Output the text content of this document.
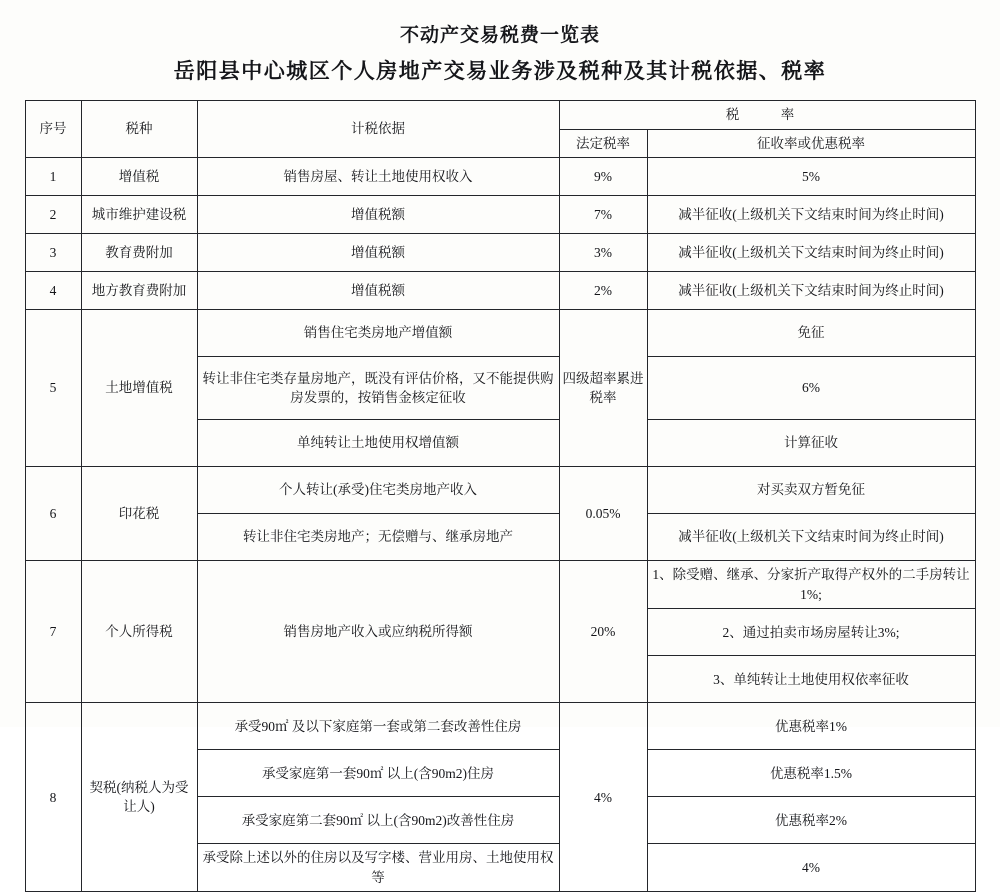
不动产交易税费一览表
岳阳县中心城区个人房地产交易业务涉及税种及其计税依据、税率
序号	税种	计税依据	税　率	
			法定税率	征收率或优惠税率
1	增值税	销售房屋、转让土地使用权收入	9%	5%
2	城市维护建设税	增值税额	7%	减半征收(上级机关下文结束时间为终止时间)
3	教育费附加	增值税额	3%	减半征收(上级机关下文结束时间为终止时间)
4	地方教育费附加	增值税额	2%	减半征收(上级机关下文结束时间为终止时间)
5	土地增值税	销售住宅类房地产增值额	四级超率累进税率	免征
		转让非住宅类存量房地产，既没有评估价格，又不能提供购房发票的，按销售金核定征收		6%
		单纯转让土地使用权增值额		计算征收
6	印花税	个人转让(承受)住宅类房地产收入	0.05%	对买卖双方暂免征
		转让非住宅类房地产；无偿赠与、继承房地产		减半征收(上级机关下文结束时间为终止时间)
7	个人所得税	销售房地产收入或应纳税所得额	20%	1、除受赠、继承、分家折产取得产权外的二手房转让1%;
				2、通过拍卖市场房屋转让3%;
				3、单纯转让土地使用权依率征收
8	契税(纳税人为受让人)	承受90㎡ 及以下家庭第一套或第二套改善性住房	4%	优惠税率1%
		承受家庭第一套90㎡ 以上(含90m2)住房		优惠税率1.5%
		承受家庭第二套90㎡ 以上(含90m2)改善性住房		优惠税率2%
		承受除上述以外的住房以及写字楼、营业用房、土地使用权等		4%
